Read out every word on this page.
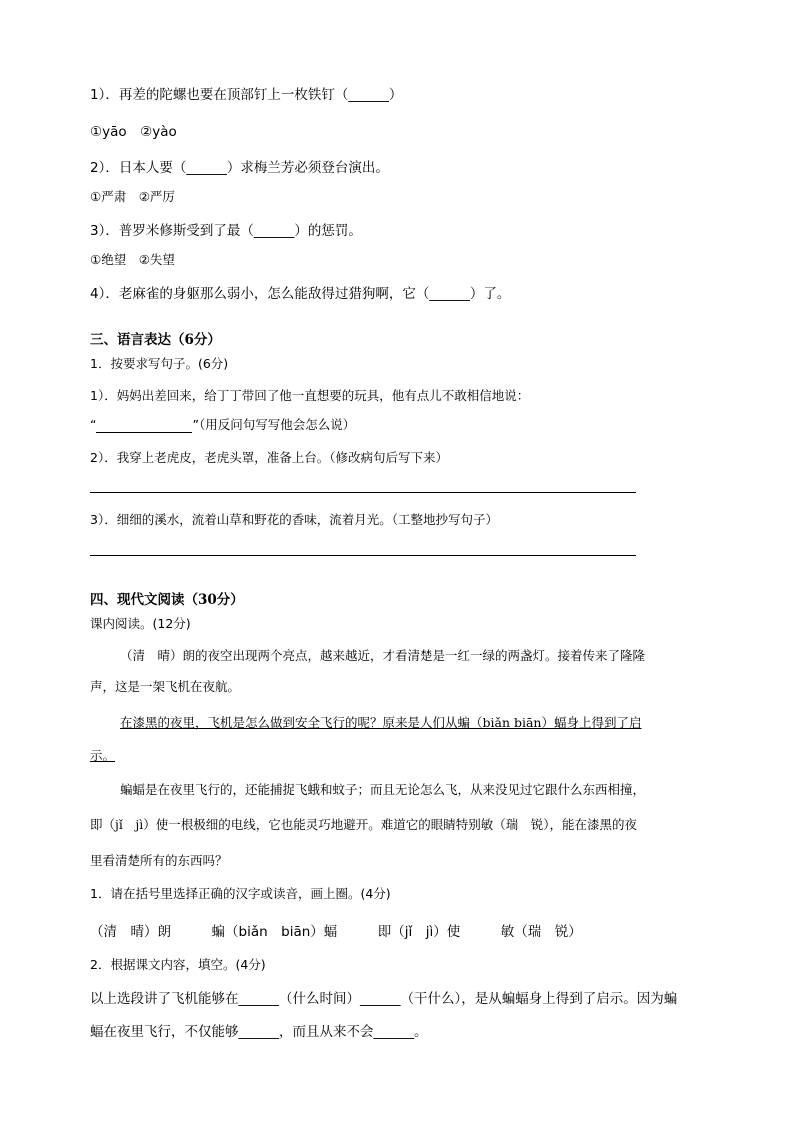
1）．再差的陀螺也要在顶部钉上一枚铁钉（______）
①yāo　②yào
2）．日本人要（______）求梅兰芳必须登台演出。
①严肃　②严厉
3）．普罗米修斯受到了最（______）的惩罚。
①绝望　②失望
4）．老麻雀的身躯那么弱小，怎么能敌得过猎狗啊，它（______）了。
三、语言表达（6分）
1．按要求写句子。(6分)
1）．妈妈出差回来，给丁丁带回了他一直想要的玩具，他有点儿不敢相信地说：
“	”（用反问句写写他会怎么说）
2）．我穿上老虎皮，老虎头罩，准备上台。（修改病句后写下来）
3）．细细的溪水，流着山草和野花的香味，流着月光。（工整地抄写句子）
四、现代文阅读（30分）
课内阅读。(12分)
（清　晴）朗的夜空出现两个亮点，越来越近，才看清楚是一红一绿的两盏灯。接着传来了隆隆
声，这是一架飞机在夜航。
在漆黑的夜里，飞机是怎么做到安全飞行的呢？原来是人们从蝙（biǎn biān）蝠身上得到了启
示。
蝙蝠是在夜里飞行的，还能捕捉飞蛾和蚊子；而且无论怎么飞，从来没见过它跟什么东西相撞，
即（jǐ　jì）使一根极细的电线，它也能灵巧地避开。难道它的眼睛特别敏（瑞　锐），能在漆黑的夜
里看清楚所有的东西吗？
1．请在括号里选择正确的汉字或读音，画上圈。(4分)
（清　晴）朗　　　蝙（biǎn　biān）蝠　　　即（jǐ　jì）使　　　敏（瑞　锐）
2．根据课文内容，填空。(4分)
以上选段讲了飞机能够在______（什么时间）______（干什么），是从蝙蝠身上得到了启示。因为蝙
蝠在夜里飞行，不仅能够______，而且从来不会______。
